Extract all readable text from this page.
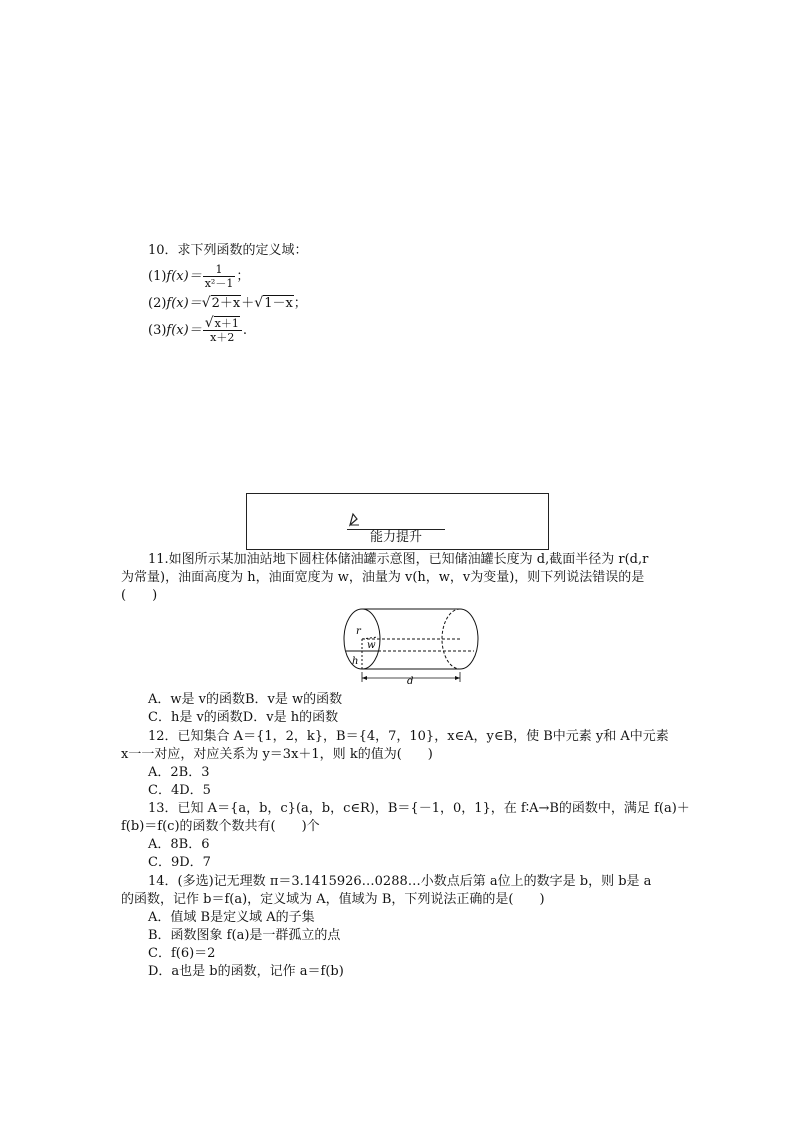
10．求下列函数的定义域：
$(1)f(x)= \frac{1}{\text{x²－1}}$ ；
(2)f(x)＝√2＋x＋√1－x；
$(3)f(x)= \frac{√x+1}{x+2}$ .
能力提升
11.如图所示某加油站地下圆柱体储油罐示意图，已知储油罐长度为 d,截面半径为 r(d,r
为常量)，油面高度为 h，油面宽度为 w，油量为 v(h，w，v为变量)，则下列说法错误的是
(　　)
r
w
h
d
A．w是 v的函数B．v是 w的函数
C．h是 v的函数D．v是 h的函数
12．已知集合 A＝{1，2，k}，B＝{4，7，10}，x∈A，y∈B，使 B中元素 y和 A中元素
x一一对应，对应关系为 y＝3x＋1，则 k的值为(　　)
A．2B．3
C．4D．5
13．已知 A＝{a，b，c}(a，b，c∈R)，B＝{－1，0，1}，在 f∶A→B的函数中，满足 f(a)＋
f(b)＝f(c)的函数个数共有(　　)个
A．8B．6
C．9D．7
14．(多选)记无理数 π＝3.1415926…0288…小数点后第 a位上的数字是 b，则 b是 a
的函数，记作 b＝f(a)，定义域为 A，值域为 B，下列说法正确的是(　　)
A．值域 B是定义域 A的子集
B．函数图象 f(a)是一群孤立的点
C．f(6)＝2
D．a也是 b的函数，记作 a＝f(b)
